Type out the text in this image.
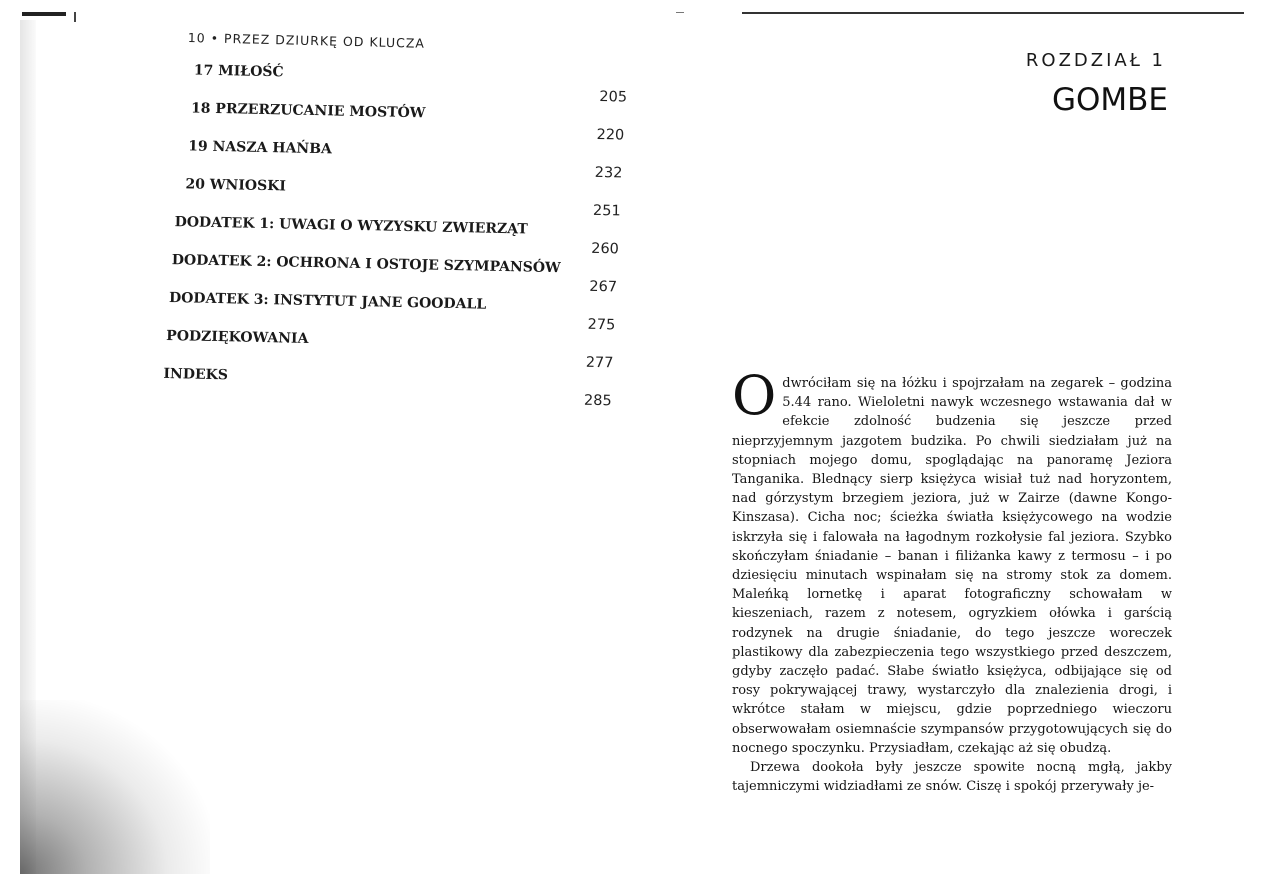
10 • PRZEZ DZIURKĘ OD KLUCZA
17 MIŁOŚĆ
205
18 PRZERZUCANIE MOSTÓW
220
19 NASZA HAŃBA
232
20 WNIOSKI
251
DODATEK 1: UWAGI O WYZYSKU ZWIERZĄT
260
DODATEK 2: OCHRONA I OSTOJE SZYMPANSÓW
267
DODATEK 3: INSTYTUT JANE GOODALL
275
PODZIĘKOWANIA
277
INDEKS
285
ROZDZIAŁ 1
GOMBE

Odwróciłam się na łóżku i spojrzałam na zegarek – godzina 5.44 rano. Wieloletni nawyk wczesnego wstawania dał w efekcie zdolność budzenia się jeszcze przed nieprzyjemnym jazgotem budzika. Po chwili siedziałam już na stopniach mojego domu, spoglądając na panoramę Jeziora Tanganika. Blednący sierp księżyca wisiał tuż nad horyzontem, nad górzystym brzegiem jeziora, już w Zairze (dawne Kongo-Kinszasa). Cicha noc; ścieżka światła księżycowego na wodzie iskrzyła się i falowała na łagodnym rozkołysie fal jeziora. Szybko skończyłam śniadanie – banan i filiżanka kawy z termosu – i po dziesięciu minutach wspinałam się na stromy stok za domem. Maleńką lornetkę i aparat fotograficzny schowałam w kieszeniach, razem z notesem, ogryzkiem ołówka i garścią rodzynek na drugie śniadanie, do tego jeszcze woreczek plastikowy dla zabezpieczenia tego wszystkiego przed deszczem, gdyby zaczęło padać. Słabe światło księżyca, odbijające się od rosy pokrywającej trawy, wystarczyło dla znalezienia drogi, i wkrótce stałam w miejscu, gdzie poprzedniego wieczoru obserwowałam osiemnaście szympansów przygotowujących się do nocnego spoczynku. Przysiadłam, czekając aż się obudzą.

Drzewa dookoła były jeszcze spowite nocną mgłą, jakby tajemniczymi widziadłami ze snów. Ciszę i spokój przerywały je-
